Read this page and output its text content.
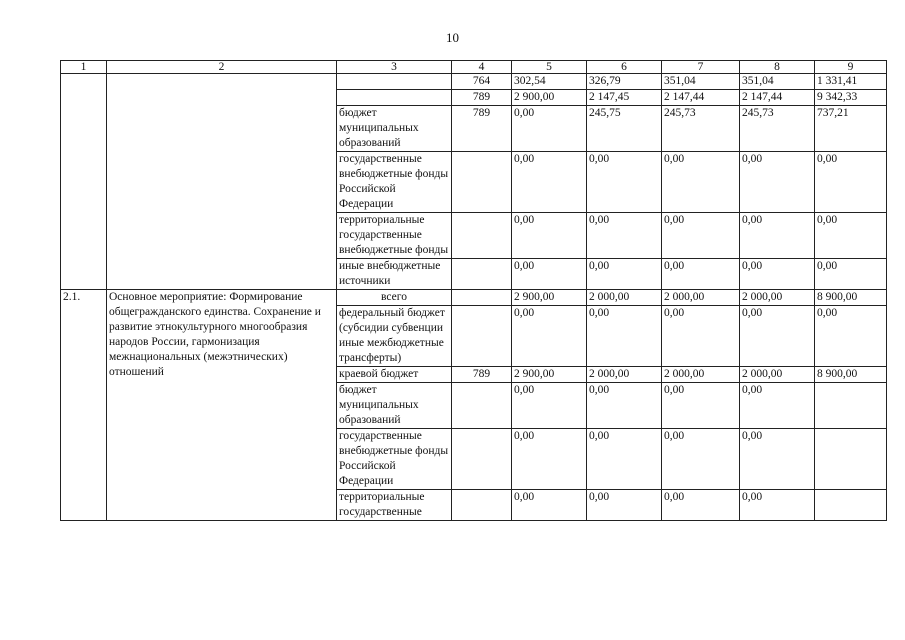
10
1	2	3	4	5	6	7	8	9
			764	302,54	326,79	351,04	351,04	1 331,41
			789	2 900,00	2 147,45	2 147,44	2 147,44	9 342,33
		бюджет муниципальных образований	789	0,00	245,75	245,73	245,73	737,21
		государственные внебюджетные фонды Российской Федерации		0,00	0,00	0,00	0,00	0,00
		территориальные государственные внебюджетные фонды		0,00	0,00	0,00	0,00	0,00
		иные внебюджетные источники		0,00	0,00	0,00	0,00	0,00
2.1.	Основное мероприятие: Формирование общегражданского единства. Сохранение и развитие этнокультурного многообразия народов России, гармонизация межнациональных (межэтнических) отношений	всего		2 900,00	2 000,00	2 000,00	2 000,00	8 900,00
		федеральный бюджет (субсидии субвенции иные межбюджетные трансферты)		0,00	0,00	0,00	0,00	0,00
		краевой бюджет	789	2 900,00	2 000,00	2 000,00	2 000,00	8 900,00
		бюджет муниципальных образований		0,00	0,00	0,00	0,00	
		государственные внебюджетные фонды Российской Федерации		0,00	0,00	0,00	0,00	
		территориальные государственные		0,00	0,00	0,00	0,00	
